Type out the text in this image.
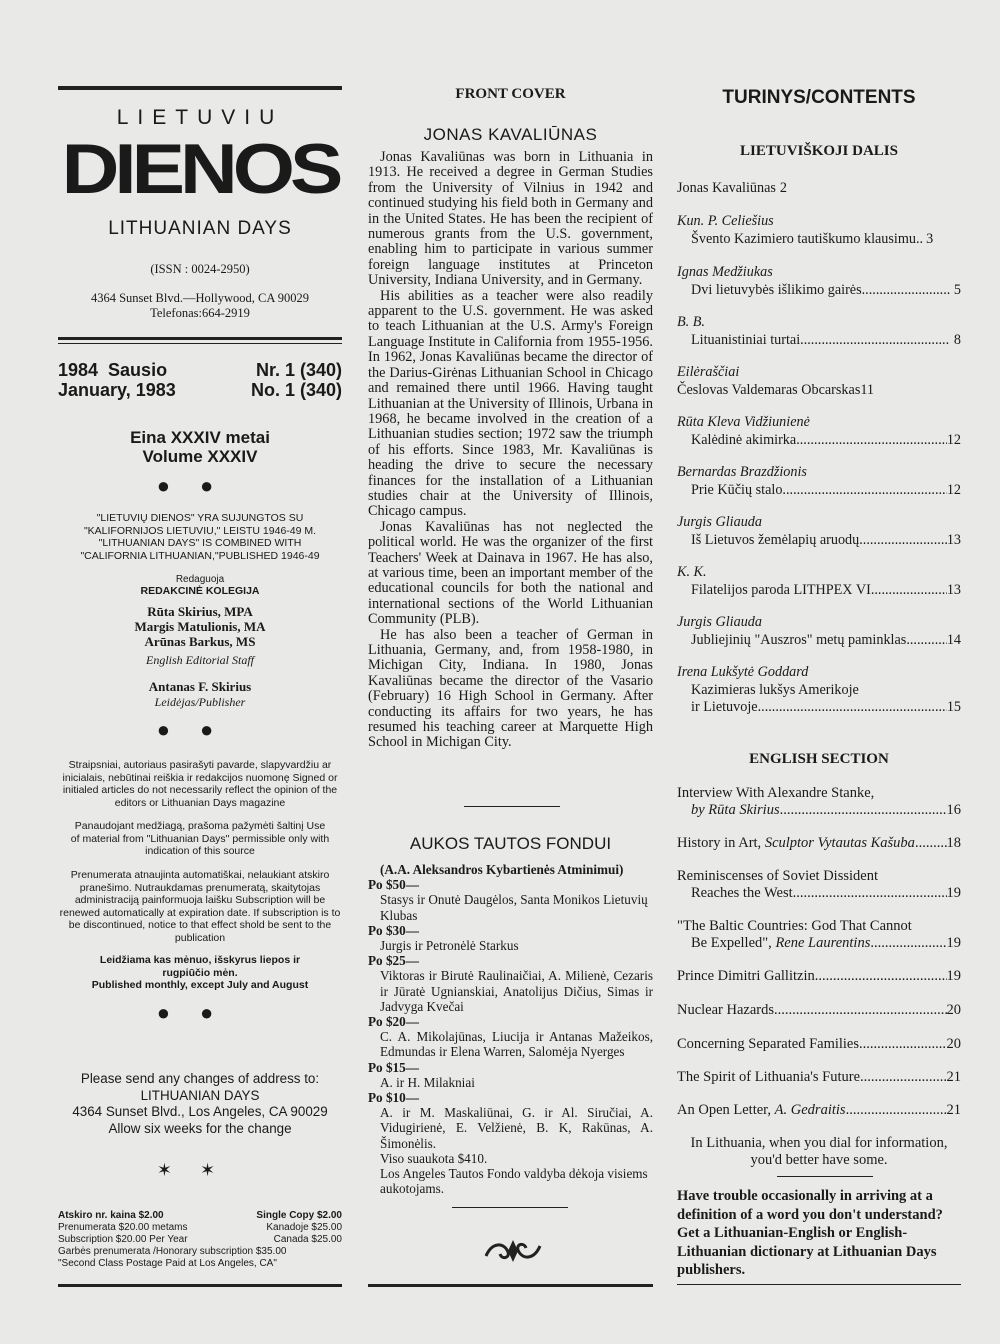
LIETUVIU
DIENOS
LITHUANIAN DAYS
(ISSN : 0024-2950)
4364 Sunset Blvd.—Hollywood, CA 90029
Telefonas:664-2919
1984  Sausio	Nr. 1 (340)
January, 1983	No. 1 (340)
Eina XXXIV metai
Volume XXXIV
●●
"LIETUVIŲ DIENOS" YRA SUJUNGTOS SU "KALIFORNIJOS LIETUVIU," LEISTU 1946-49 M. "LITHUANIAN DAYS" IS COMBINED WITH "CALIFORNIA LITHUANIAN,"PUBLISHED 1946-49
Redaguoja
REDAKCINĖ KOLEGIJA
Rūta Skirius, MPA
Margis Matulionis, MA
Arūnas Barkus, MS
English Editorial Staff
Antanas F. Skirius
Leidėjas/Publisher
●●
Straipsniai, autoriaus pasirašyti pavarde, slapyvardžiu ar inicialais, nebūtinai reiškia ir redakcijos nuomonę Signed or initialed articles do not necessarily reflect the opinion of the editors or Lithuanian Days magazine
Panaudojant medžiagą, prašoma pažymėti šaltinį Use of material from "Lithuanian Days" permissible only with indication of this source
Prenumerata atnaujinta automatiškai, nelaukiant atskiro pranešimo. Nutraukdamas prenumeratą, skaitytojas administraciją painformuoja laišku Subscription will be renewed automatically at expiration date. If subscription is to be discontinued, notice to that effect shold be sent to the publication
Leidžiama kas mėnuo, išskyrus liepos ir rugpiūčio mėn.
Published monthly, except July and August
●●
Please send any changes of address to:
LITHUANIAN DAYS
4364 Sunset Blvd., Los Angeles, CA 90029
Allow six weeks for the change
✶✶
Atskiro nr. kaina $2.00	Single Copy $2.00
Prenumerata $20.00 metams	Kanadoje $25.00
Subscription $20.00 Per Year	Canada $25.00
Garbės prenumerata /Honorary subscription $35.00
"Second Class Postage Paid at Los Angeles, CA"
FRONT COVER
JONAS KAVALIŪNAS

Jonas Kavaliūnas was born in Lithuania in 1913. He received a degree in German Studies from the University of Vilnius in 1942 and continued studying his field both in Germany and in the United States. He has been the recipient of numerous grants from the U.S. government, enabling him to participate in various summer foreign language institutes at Princeton University, Indiana University, and in Germany.

His abilities as a teacher were also readily apparent to the U.S. government. He was asked to teach Lithuanian at the U.S. Army's Foreign Language Institute in California from 1955-1956. In 1962, Jonas Kavaliūnas became the director of the Darius-Girėnas Lithuanian School in Chicago and remained there until 1966. Having taught Lithuanian at the University of Illinois, Urbana in 1968, he became involved in the creation of a Lithuanian studies section; 1972 saw the triumph of his efforts. Since 1983, Mr. Kavaliūnas is heading the drive to secure the necessary finances for the installation of a Lithuanian studies chair at the University of Illinois, Chicago campus.

Jonas Kavaliūnas has not neglected the political world. He was the organizer of the first Teachers' Week at Dainava in 1967. He has also, at various time, been an important member of the educational councils for both the national and international sections of the World Lithuanian Community (PLB).

He has also been a teacher of German in Lithuania, Germany, and, from 1958-1980, in Michigan City, Indiana. In 1980, Jonas Kavaliūnas became the director of the Vasario (February) 16 High School in Germany. After conducting its affairs for two years, he has resumed his teaching career at Marquette High School in Michigan City.

AUKOS TAUTOS FONDUI
(A.A. Aleksandros Kybartienės Atminimui)
Po $50—
Stasys ir Onutė Daugėlos, Santa Monikos Lietuvių Klubas
Po $30—
Jurgis ir Petronėlė Starkus
Po $25—
Viktoras ir Birutė Raulinaičiai, A. Milienė, Cezaris ir Jūratė Ugnianskiai, Anatolijus Dičius, Simas ir Jadvyga Kvečai
Po $20—
C. A. Mikolajūnas, Liucija ir Antanas Mažeikos, Edmundas ir Elena Warren, Salomėja Nyerges
Po $15—
A. ir H. Milakniai
Po $10—
A. ir M. Maskaliūnai, G. ir Al. Siručiai, A. Vidugirienė, E. Velžienė, B. K, Rakūnas, A. Šimonėlis.
Viso suaukota $410.
Los Angeles Tautos Fondo valdyba dėkoja visiems aukotojams.
TURINYS/CONTENTS
LIETUVIŠKOJI DALIS
Jonas Kavaliūnas 2
Kun. P. Celiešius
Švento Kazimiero tautiškumo klausimu.. 3
Ignas Medžiukas
Dvi lietuvybės išlikimo gairės .....	5
B. B.
Lituanistiniai turtai .....	8
Eilėraščiai
Česlovas Valdemaras Obcarskas 11
Rūta Kleva Vidžiunienė
Kalėdinė akimirka .....	12
Bernardas Brazdžionis
Prie Kūčių stalo .....	12
Jurgis Gliauda
Iš Lietuvos žemėlapių aruodų .....	13
K. K.
Filatelijos paroda LITHPEX VI .....	13
Jurgis Gliauda
Jubliejinių "Auszros" metų paminklas .....	14
Irena Lukšytė Goddard
Kazimieras lukšys Amerikoje
ir Lietuvoje .....	15
ENGLISH SECTION
Interview With Alexandre Stanke,
by Rūta Skirius .....	16
History in Art, Sculptor Vytautas Kašuba ..... 18
Reminiscenses of Soviet Dissident
Reaches the West .....	19
"The Baltic Countries: God That Cannot
Be Expelled", Rene Laurentins .....	19
Prince Dimitri Gallitzin .....	19
Nuclear Hazards .....	20
Concerning Separated Families .....	20
The Spirit of Lithuania's Future .....	21
An Open Letter, A. Gedraitis .....	21
In Lithuania, when you dial for information, you'd better have some.
Have trouble occasionally in arriving at a definition of a word you don't understand? Get a Lithuanian-English or English-Lithuanian dictionary at Lithuanian Days publishers.
